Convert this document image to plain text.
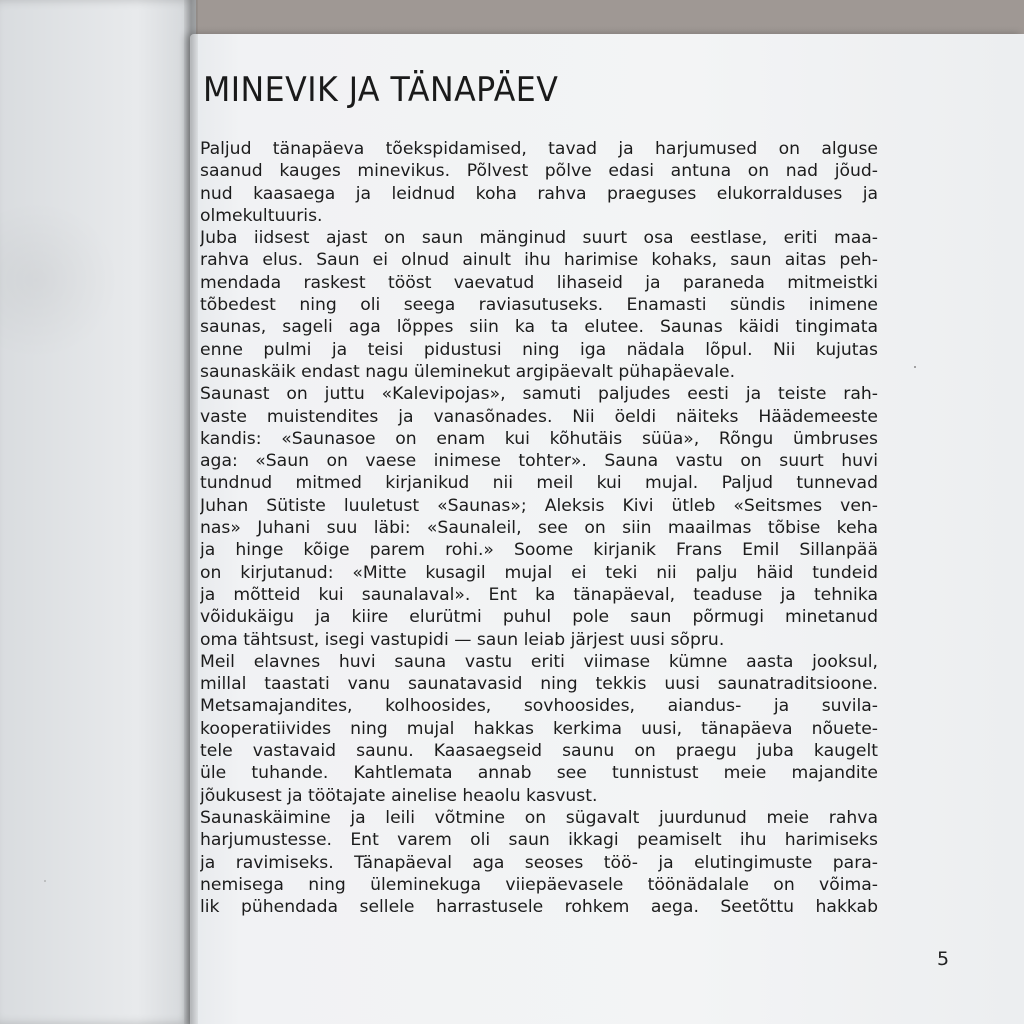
MINEVIK JA TÄNAPÄEV
Paljud tänapäeva tõekspidamised, tavad ja harjumused on alguse
saanud kauges minevikus. Põlvest põlve edasi antuna on nad jõud-
nud kaasaega ja leidnud koha rahva praeguses elukorralduses ja
olmekultuuris.
Juba iidsest ajast on saun mänginud suurt osa eestlase, eriti maa-
rahva elus. Saun ei olnud ainult ihu harimise kohaks, saun aitas peh-
mendada raskest tööst vaevatud lihaseid ja paraneda mitmeistki
tõbedest ning oli seega raviasutuseks. Enamasti sündis inimene
saunas, sageli aga lõppes siin ka ta elutee. Saunas käidi tingimata
enne pulmi ja teisi pidustusi ning iga nädala lõpul. Nii kujutas
saunaskäik endast nagu üleminekut argipäevalt pühapäevale.
Saunast on juttu «Kalevipojas», samuti paljudes eesti ja teiste rah-
vaste muistendites ja vanasõnades. Nii öeldi näiteks Häädemeeste
kandis: «Saunasoe on enam kui kõhutäis süüa», Rõngu ümbruses
aga: «Saun on vaese inimese tohter». Sauna vastu on suurt huvi
tundnud mitmed kirjanikud nii meil kui mujal. Paljud tunnevad
Juhan Sütiste luuletust «Saunas»; Aleksis Kivi ütleb «Seitsmes ven-
nas» Juhani suu läbi: «Saunaleil, see on siin maailmas tõbise keha
ja hinge kõige parem rohi.» Soome kirjanik Frans Emil Sillanpää
on kirjutanud: «Mitte kusagil mujal ei teki nii palju häid tundeid
ja mõtteid kui saunalaval». Ent ka tänapäeval, teaduse ja tehnika
võidukäigu ja kiire elurütmi puhul pole saun põrmugi minetanud
oma tähtsust, isegi vastupidi — saun leiab järjest uusi sõpru.
Meil elavnes huvi sauna vastu eriti viimase kümne aasta jooksul,
millal taastati vanu saunatavasid ning tekkis uusi saunatraditsioone.
Metsamajandites, kolhoosides, sovhoosides, aiandus- ja suvila-
kooperatiivides ning mujal hakkas kerkima uusi, tänapäeva nõuete-
tele vastavaid saunu. Kaasaegseid saunu on praegu juba kaugelt
üle tuhande. Kahtlemata annab see tunnistust meie majandite
jõukusest ja töötajate ainelise heaolu kasvust.
Saunaskäimine ja leili võtmine on sügavalt juurdunud meie rahva
harjumustesse. Ent varem oli saun ikkagi peamiselt ihu harimiseks
ja ravimiseks. Tänapäeval aga seoses töö- ja elutingimuste para-
nemisega ning üleminekuga viiepäevasele töönädalale on võima-
lik pühendada sellele harrastusele rohkem aega. Seetõttu hakkab
5
